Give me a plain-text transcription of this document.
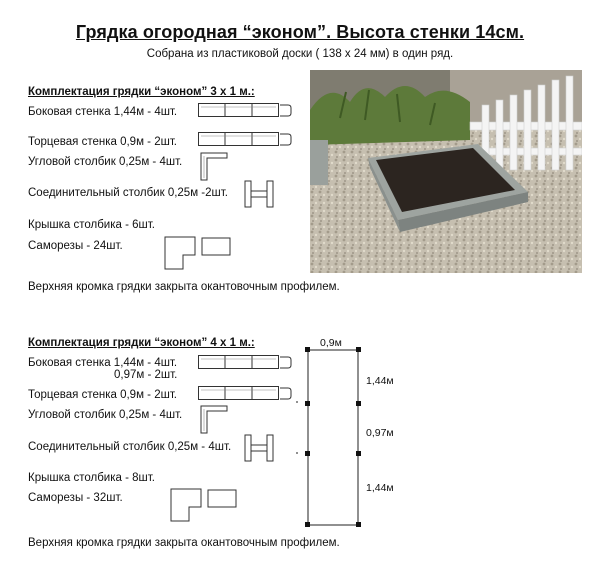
Грядка огородная “эконом”. Высота стенки 14см.
Собрана из пластиковой доски ( 138 х 24 мм) в один ряд.
Комплектация грядки “эконом” 3 х 1 м.:
Боковая стенка 1,44м - 4шт.
Торцевая стенка 0,9м - 2шт.
Угловой столбик 0,25м - 4шт.
Соединительный столбик 0,25м -2шт.
Крышка столбика - 6шт.
Саморезы - 24шт.
Верхняя кромка грядки закрыта окантовочным профилем.
Комплектация грядки “эконом” 4 х 1 м.:
Боковая стенка 1,44м - 4шт.
0,97м - 2шт.
Торцевая стенка 0,9м - 2шт.
Угловой столбик 0,25м - 4шт.
Соединительный столбик 0,25м - 4шт.
Крышка столбика - 8шт.
Саморезы - 32шт.
Верхняя кромка грядки закрыта окантовочным профилем.
0,9м
1,44м
0,97м
1,44м
